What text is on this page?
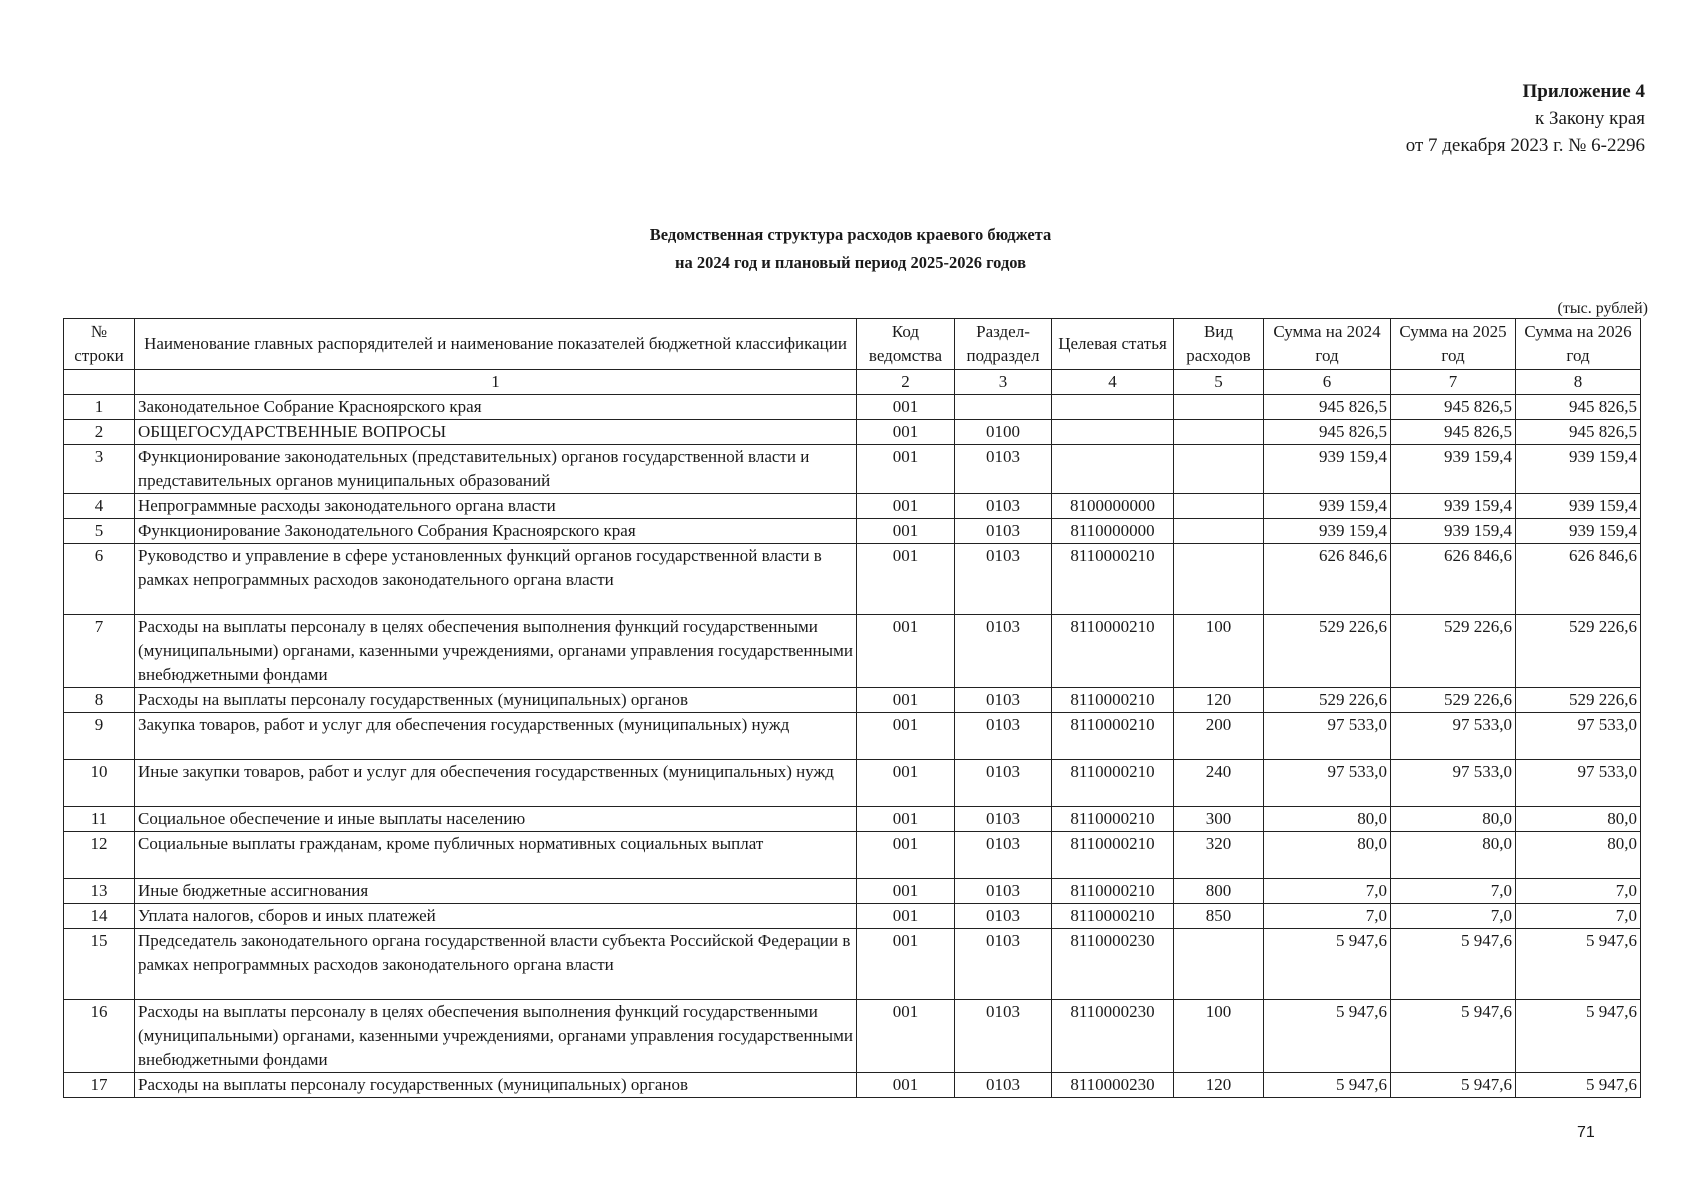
Приложение 4
к Закону края
от 7 декабря 2023 г. № 6-2296
Ведомственная структура расходов краевого бюджета
на 2024 год и плановый период 2025-2026 годов
(тыс. рублей)
№ строки	Наименование главных распорядителей и наименование показателей бюджетной классификации	Код ведомства	Раздел-подраздел	Целевая статья	Вид расходов	Сумма на 2024 год	Сумма на 2025 год	Сумма на 2026 год
	1	2	3	4	5	6	7	8
1	Законодательное Собрание Красноярского края	001				945 826,5	945 826,5	945 826,5
2	ОБЩЕГОСУДАРСТВЕННЫЕ ВОПРОСЫ	001	0100			945 826,5	945 826,5	945 826,5
3	Функционирование законодательных (представительных) органов государственной власти и представительных органов муниципальных образований	001	0103			939 159,4	939 159,4	939 159,4
4	Непрограммные расходы законодательного органа власти	001	0103	8100000000		939 159,4	939 159,4	939 159,4
5	Функционирование Законодательного Собрания Красноярского края	001	0103	8110000000		939 159,4	939 159,4	939 159,4
6	Руководство и управление в сфере установленных функций органов государственной власти в рамках непрограммных расходов законодательного органа власти	001	0103	8110000210		626 846,6	626 846,6	626 846,6
7	Расходы на выплаты персоналу в целях обеспечения выполнения функций государственными (муниципальными) органами, казенными учреждениями, органами управления государственными внебюджетными фондами	001	0103	8110000210	100	529 226,6	529 226,6	529 226,6
8	Расходы на выплаты персоналу государственных (муниципальных) органов	001	0103	8110000210	120	529 226,6	529 226,6	529 226,6
9	Закупка товаров, работ и услуг для обеспечения государственных (муниципальных) нужд	001	0103	8110000210	200	97 533,0	97 533,0	97 533,0
10	Иные закупки товаров, работ и услуг для обеспечения государственных (муниципальных) нужд	001	0103	8110000210	240	97 533,0	97 533,0	97 533,0
11	Социальное обеспечение и иные выплаты населению	001	0103	8110000210	300	80,0	80,0	80,0
12	Социальные выплаты гражданам, кроме публичных нормативных социальных выплат	001	0103	8110000210	320	80,0	80,0	80,0
13	Иные бюджетные ассигнования	001	0103	8110000210	800	7,0	7,0	7,0
14	Уплата налогов, сборов и иных платежей	001	0103	8110000210	850	7,0	7,0	7,0
15	Председатель законодательного органа государственной власти субъекта Российской Федерации в рамках непрограммных расходов законодательного органа власти	001	0103	8110000230		5 947,6	5 947,6	5 947,6
16	Расходы на выплаты персоналу в целях обеспечения выполнения функций государственными (муниципальными) органами, казенными учреждениями, органами управления государственными внебюджетными фондами	001	0103	8110000230	100	5 947,6	5 947,6	5 947,6
17	Расходы на выплаты персоналу государственных (муниципальных) органов	001	0103	8110000230	120	5 947,6	5 947,6	5 947,6
71
